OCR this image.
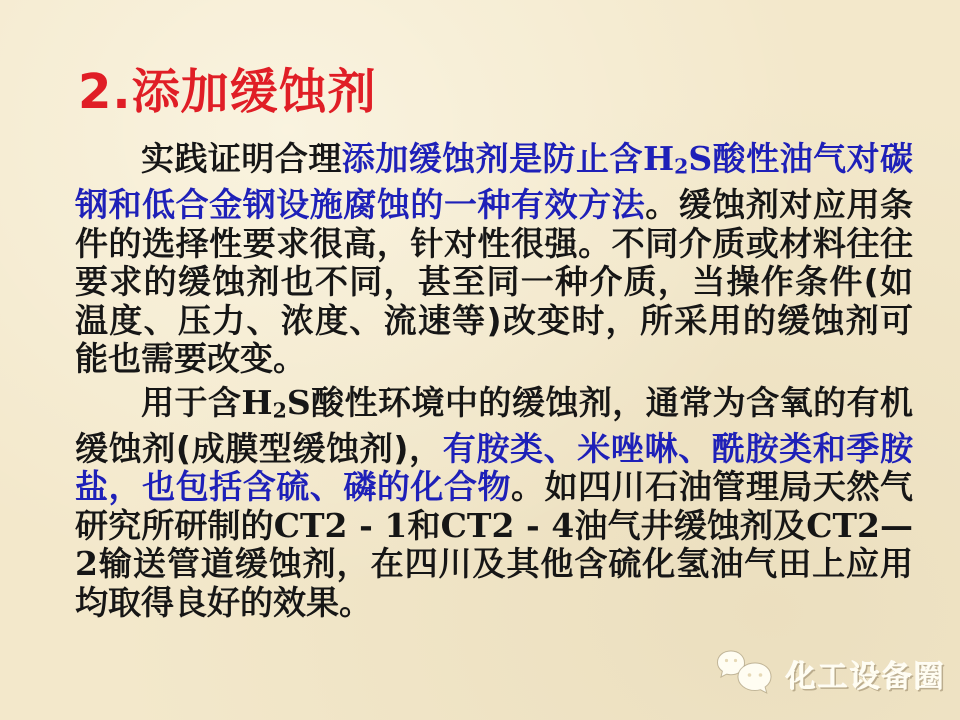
2.添加缓蚀剂

实践证明合理添加缓蚀剂是防止含H2S酸性油气对碳钢和低合金钢设施腐蚀的一种有效方法。缓蚀剂对应用条件的选择性要求很高，针对性很强。不同介质或材料往往要求的缓蚀剂也不同，甚至同一种介质，当操作条件(如温度、压力、浓度、流速等)改变时，所采用的缓蚀剂可能也需要改变。

用于含H2S酸性环境中的缓蚀剂，通常为含氧的有机缓蚀剂(成膜型缓蚀剂)，有胺类、米唑啉、酰胺类和季胺盐，也包括含硫、磷的化合物。如四川石油管理局天然气研究所研制的CT2 - 1和CT2 - 4油气井缓蚀剂及CT2—2输送管道缓蚀剂，在四川及其他含硫化氢油气田上应用均取得良好的效果。

化工设备圈
